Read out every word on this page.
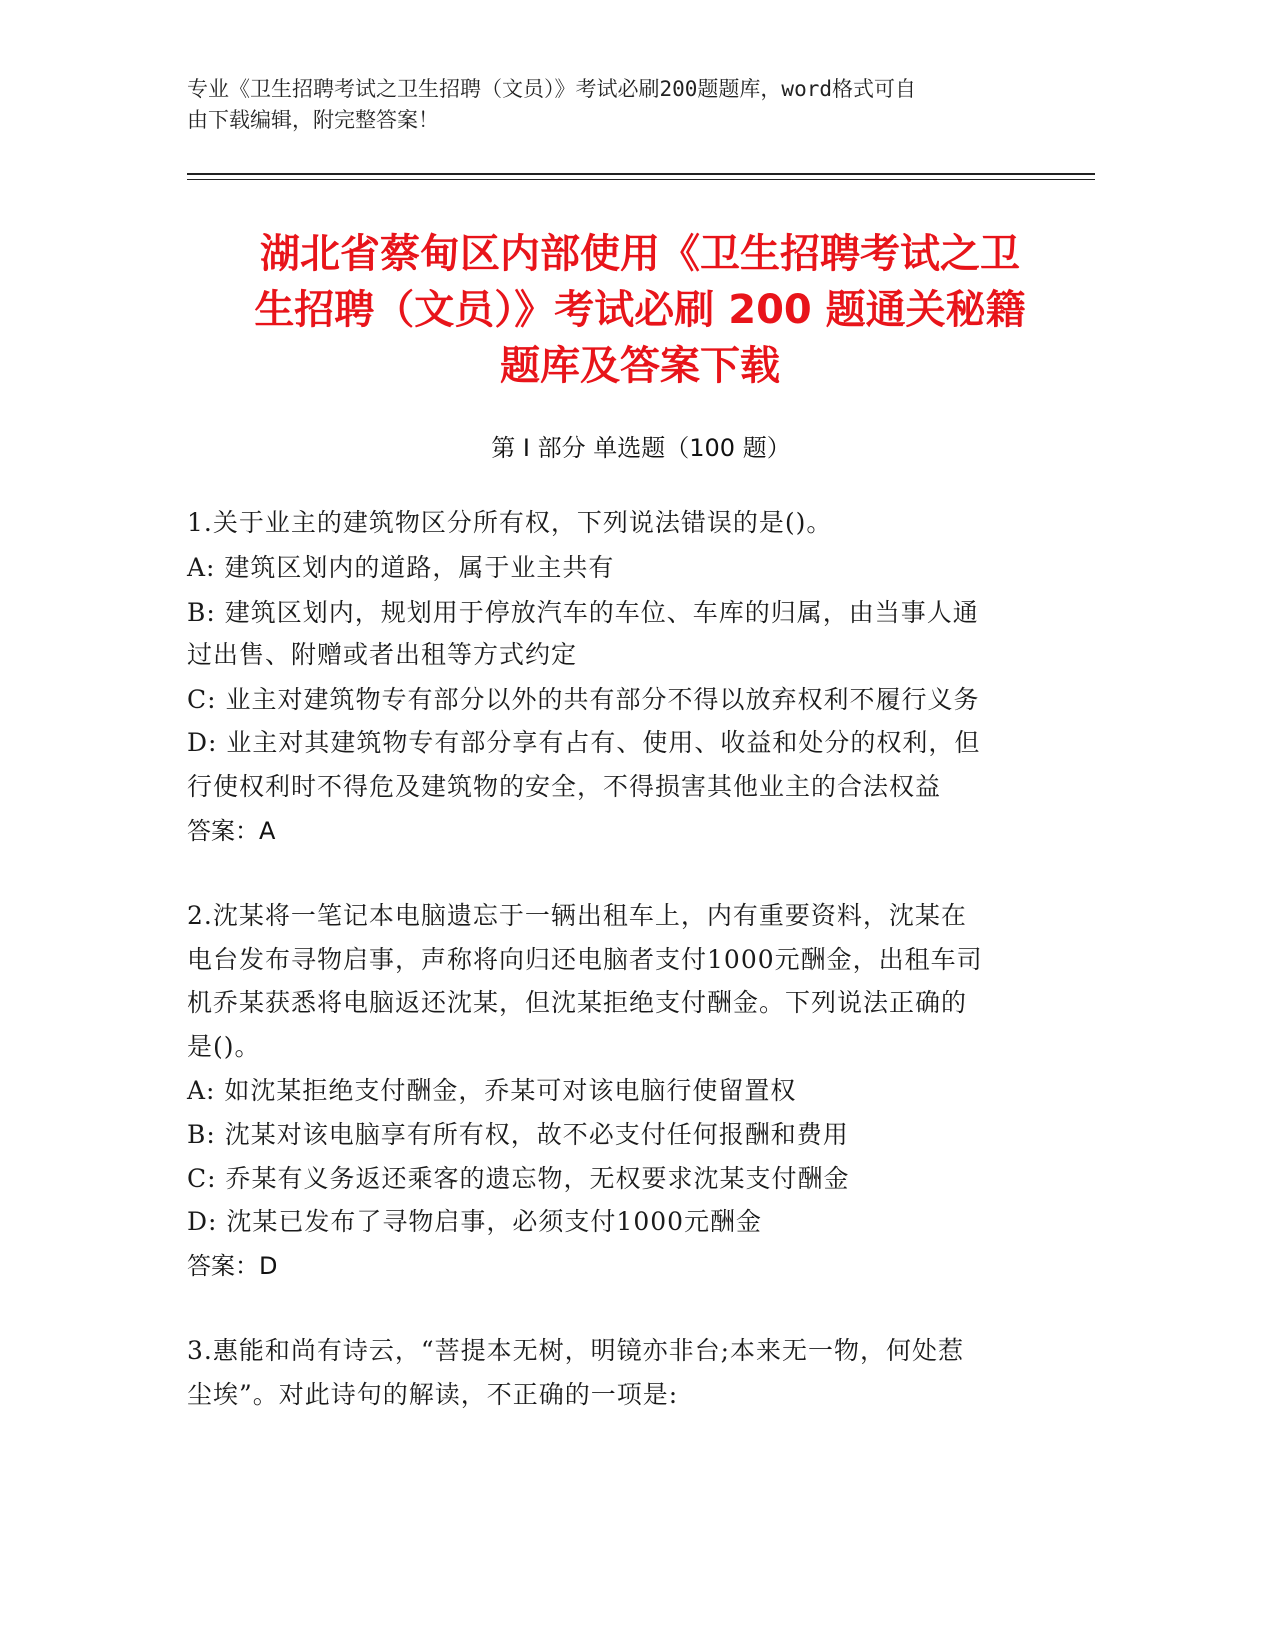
专业《卫生招聘考试之卫生招聘（文员）》考试必刷200题题库，word格式可自
由下载编辑，附完整答案！
湖北省蔡甸区内部使用《卫生招聘考试之卫
生招聘（文员）》考试必刷 200 题通关秘籍
题库及答案下载
第 I 部分 单选题（100 题）
1.关于业主的建筑物区分所有权，下列说法错误的是()。
A: 建筑区划内的道路，属于业主共有
B: 建筑区划内，规划用于停放汽车的车位、车库的归属，由当事人通
过出售、附赠或者出租等方式约定
C: 业主对建筑物专有部分以外的共有部分不得以放弃权利不履行义务
D: 业主对其建筑物专有部分享有占有、使用、收益和处分的权利，但
行使权利时不得危及建筑物的安全，不得损害其他业主的合法权益
答案：A
2.沈某将一笔记本电脑遗忘于一辆出租车上，内有重要资料，沈某在
电台发布寻物启事，声称将向归还电脑者支付1000元酬金，出租车司
机乔某获悉将电脑返还沈某，但沈某拒绝支付酬金。下列说法正确的
是()。
A: 如沈某拒绝支付酬金，乔某可对该电脑行使留置权
B: 沈某对该电脑享有所有权，故不必支付任何报酬和费用
C: 乔某有义务返还乘客的遗忘物，无权要求沈某支付酬金
D: 沈某已发布了寻物启事，必须支付1000元酬金
答案：D
3.惠能和尚有诗云，“菩提本无树，明镜亦非台;本来无一物，何处惹
尘埃”。对此诗句的解读，不正确的一项是:
